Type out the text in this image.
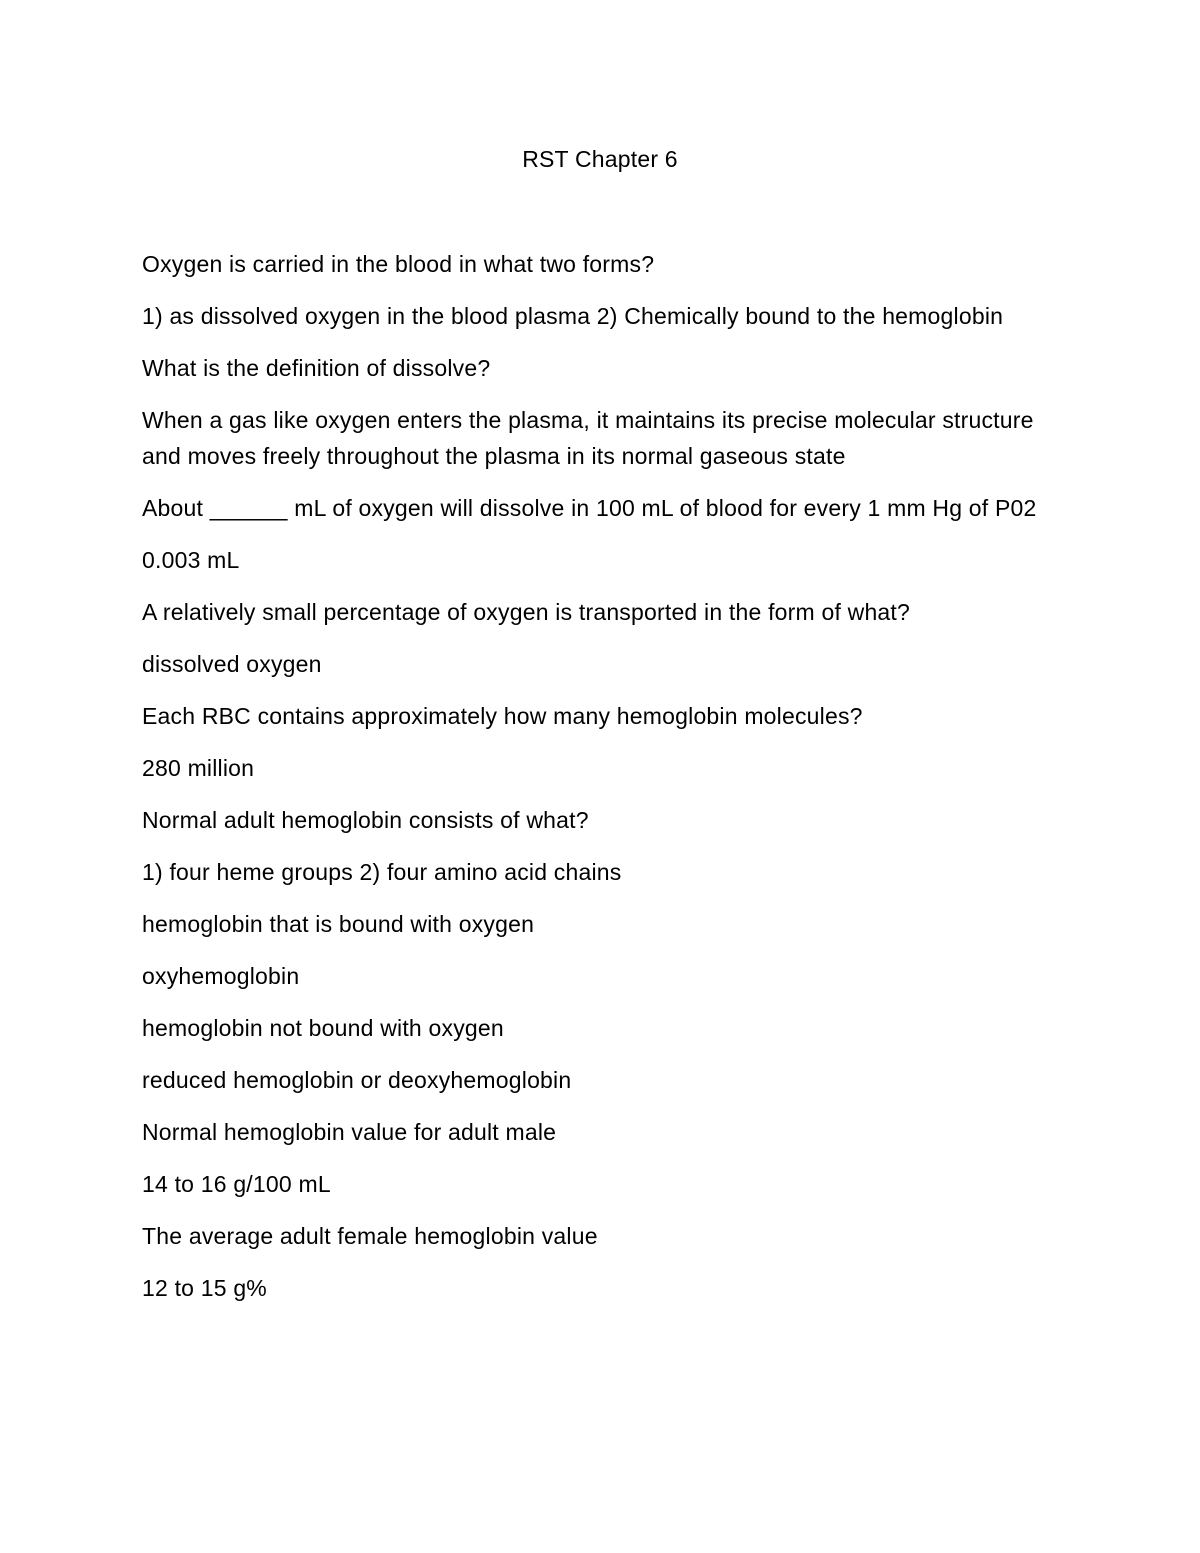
RST Chapter 6

Oxygen is carried in the blood in what two forms?

1) as dissolved oxygen in the blood plasma 2) Chemically bound to the hemoglobin

What is the definition of dissolve?

When a gas like oxygen enters the plasma, it maintains its precise molecular structure and moves freely throughout the plasma in its normal gaseous state

About ______ mL of oxygen will dissolve in 100 mL of blood for every 1 mm Hg of P02

0.003 mL

A relatively small percentage of oxygen is transported in the form of what?

dissolved oxygen

Each RBC contains approximately how many hemoglobin molecules?

280 million

Normal adult hemoglobin consists of what?

1) four heme groups 2) four amino acid chains

hemoglobin that is bound with oxygen

oxyhemoglobin

hemoglobin not bound with oxygen

reduced hemoglobin or deoxyhemoglobin

Normal hemoglobin value for adult male

14 to 16 g/100 mL

The average adult female hemoglobin value

12 to 15 g%
